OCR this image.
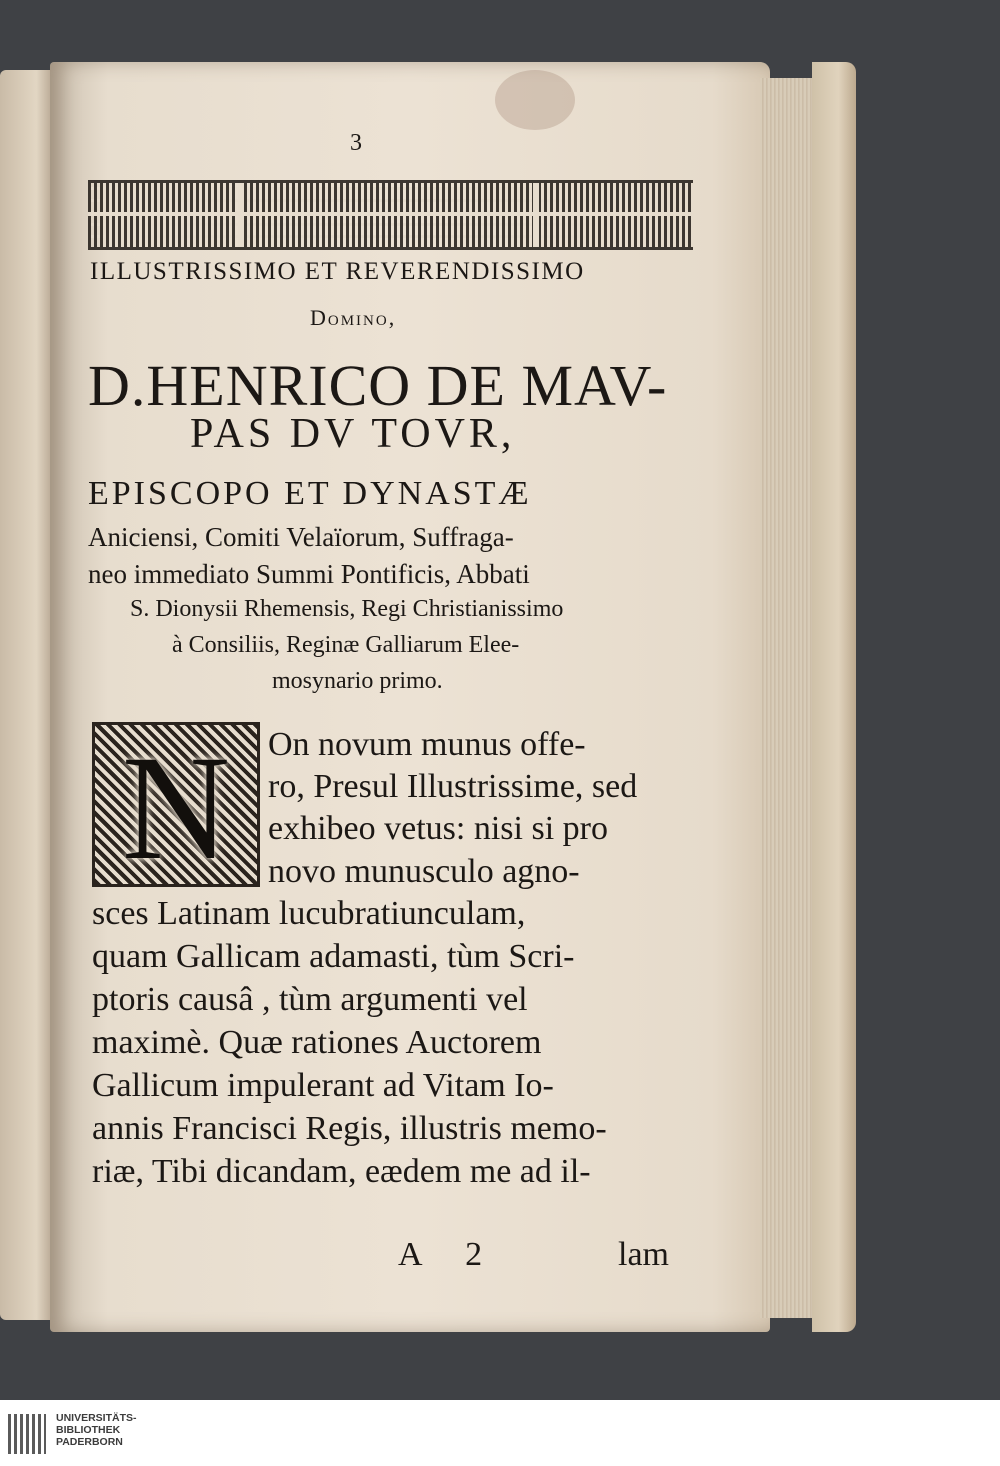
3
ILLUSTRISSIMO ET REVERENDISSIMO
Domino,
D.HENRICO DE MAV-
PAS DV TOVR,
EPISCOPO ET DYNASTÆ
Aniciensi, Comiti Velaïorum, Suffraga-
neo immediato Summi Pontificis, Abbati
S. Dionysii Rhemensis, Regi Christianissimo
à Consiliis, Reginæ Galliarum Elee-
mosynario primo.
N	On novum munus offe-
ro, Presul Illustrissime, sed
exhibeo vetus: nisi si pro
novo munusculo agno-
sces Latinam lucubratiunculam,
quam Gallicam adamasti, tùm Scri-
ptoris causâ , tùm argumenti vel
maximè. Quæ rationes Auctorem
Gallicum impulerant ad Vitam Io-
annis Francisci Regis, illustris memo-
riæ, Tibi dicandam, eædem me ad il-
A 2	lam
UNIVERSITÄTS-
BIBLIOTHEK
PADERBORN
